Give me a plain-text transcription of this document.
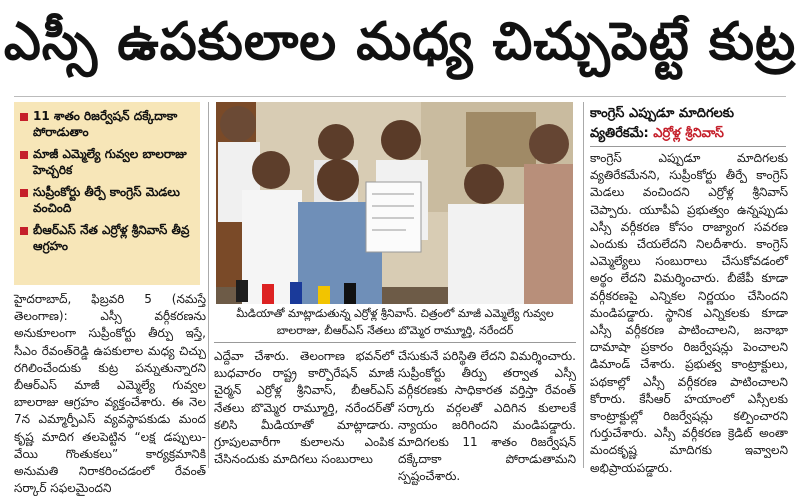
ఎస్సీ ఉపకులాల మధ్య చిచ్చుపెట్టే కుట్ర
11 శాతం రిజర్వేషన్ దక్కేదాకా పోరాడుతాం
మాజీ ఎమ్మెల్యే గువ్వల బాలరాజు హెచ్చరిక
సుప్రీంకోర్టు తీర్పే కాంగ్రెస్ మెడలు వంచింది
బీఆర్ఎస్ నేత ఎర్రోళ్ల శ్రీనివాస్ తీవ్ర ఆగ్రహం
మీడియాతో మాట్లాడుతున్న ఎర్రోళ్ల శ్రీనివాస్. చిత్రంలో మాజీ ఎమ్మెల్యే గువ్వల బాలరాజు, బీఆర్ఎస్ నేతలు బొమ్మెర రామ్మూర్తి, నరేందర్

హైదరాబాద్, ఫిబ్రవరి 5 (నమస్తే తెలంగాణ): ఎస్సీ వర్గీకరణను అనుకూలంగా సుప్రీంకోర్టు తీర్పు ఇస్తే, సీఎం రేవంత్‌రెడ్డి ఉపకులాల మధ్య చిచ్చు రగిలించేందుకు కుట్ర పన్నుతున్నారని బీఆర్ఎస్ మాజీ ఎమ్మెల్యే గువ్వల బాలరాజు ఆగ్రహం వ్యక్తంచేశారు. ఈ నెల 7న ఎమ్మార్పీఎస్ వ్యవస్థాపకుడు మంద కృష్ణ మాదిగ తలపెట్టిన “లక్ష డప్పులు-వేయి గొంతుకలు” కార్యక్రమానికి అనుమతి నిరాకరించడంలో రేవంత్ సర్కార్ సఫలమైందని

ఎద్దేవా చేశారు. తెలంగాణ భవన్‌లో బుధవారం రాష్ట్ర కార్పొరేషన్ మాజీ చైర్మన్ ఎర్రోళ్ల శ్రీనివాస్, బీఆర్ఎస్ నేతలు బొమ్మెర రామ్మూర్తి, నరేందర్‌తో కలిసి మీడియాతో మాట్లాడారు. గ్రూపులవారీగా కులాలను ఎంపిక చేసినందుకు మాదిగలు సంబురాలు

చేసుకునే పరిస్థితి లేదని విమర్శించారు. సుప్రీంకోర్టు తీర్పు తర్వాత ఎస్సీ వర్గీకరణకు సాధికారత వర్తిస్తా రేవంత్ సర్కారు వర్గలతో ఎదిగిన కులాలకే న్యాయం జరిగిందని మండిపడ్డారు. మాదిగలకు 11 శాతం రిజర్వేషన్ దక్కేదాకా పోరాడుతామని స్పష్టంచేశారు.

కాంగ్రెస్ ఎప్పుడూ మాదిగలకు
వ్యతిరేకమే: ఎర్రోళ్ల శ్రీనివాస్

కాంగ్రెస్ ఎప్పుడూ మాదిగలకు వ్యతిరేకమేనని, సుప్రీంకోర్టు తీర్పే కాంగ్రెస్ మెడలు వంచిందని ఎర్రోళ్ల శ్రీనివాస్ చెప్పారు. యూపీఏ ప్రభుత్వం ఉన్నప్పుడు ఎస్సీ వర్గీకరణ కోసం రాజ్యాంగ సవరణ ఎందుకు చేయలేదని నిలదీశారు. కాంగ్రెస్ ఎమ్మెల్యేలు సంబురాలు చేసుకోవడంలో అర్థం లేదని విమర్శించారు. బీజేపీ కూడా వర్గీకరణపై ఎన్నికల నిర్ణయం చేసిందని మండిపడ్డారు. స్థానిక ఎన్నికలకు కూడా ఎస్సీ వర్గీకరణ పాటించాలని, జనాభా దామాషా ప్రకారం రిజర్వేషన్లు పెంచాలని డిమాండ్ చేశారు. ప్రభుత్వ కాంట్రాక్టులు, పథకాల్లో ఎస్సీ వర్గీకరణ పాటించాలని కోరారు. కేసీఆర్ హయాంలో ఎస్సీలకు కాంట్రాక్టుల్లో రిజర్వేషన్లు కల్పించారని గుర్తుచేశారు. ఎస్సీ వర్గీకరణ క్రెడిట్ అంతా మందకృష్ణ మాదిగకు ఇవ్వాలని అభిప్రాయపడ్డారు.
